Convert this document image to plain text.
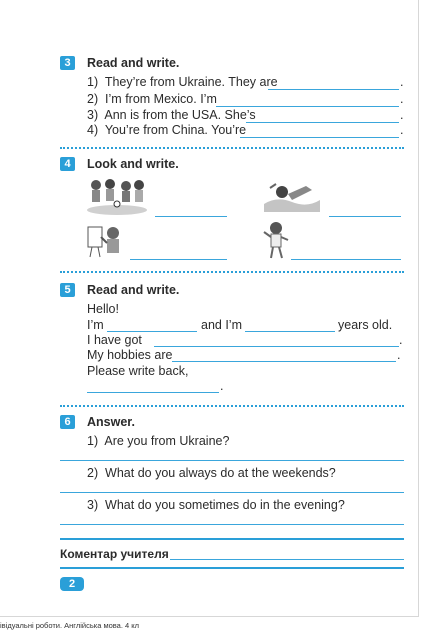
3	Read and write.
1)  They’re from Ukraine. They are	.
2)  I’m from Mexico. I’m	.
3)  Ann is from the USA. She’s	.
4)  You’re from China. You’re	.
4	Look and write.
5	Read and write.
Hello!
I’m	and I’m	years old.
I have got	.
My hobbies are	.
Please write back,
.
6	Answer.
1)  Are you from Ukraine?
2)  What do you always do at the weekends?
3)  What do you sometimes do in the evening?
Коментар учителя
2
івідуальні роботи. Англійська мова. 4 кл
